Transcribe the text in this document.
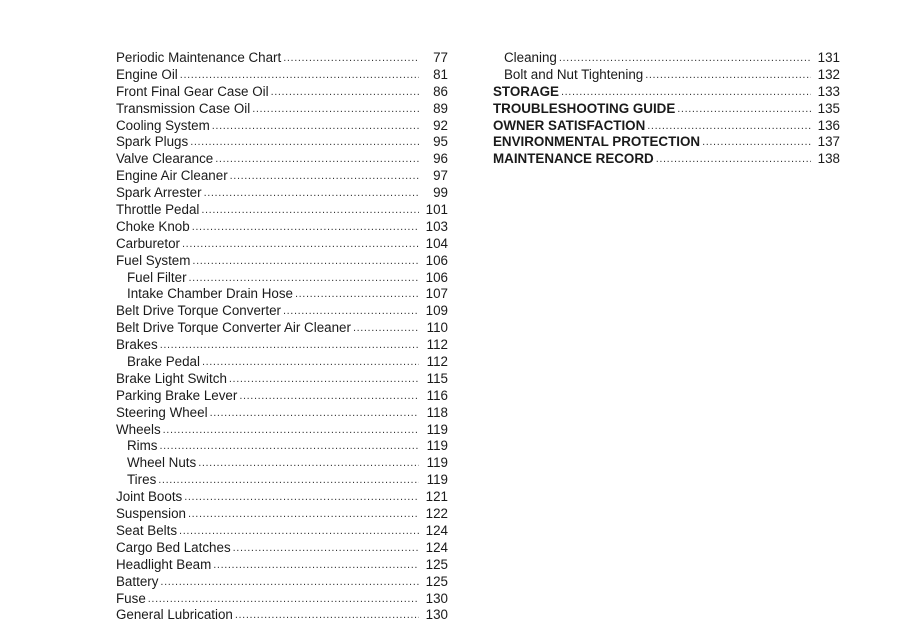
Periodic Maintenance Chart .....	77
Engine Oil .....	81
Front Final Gear Case Oil .....	86
Transmission Case Oil .....	89
Cooling System .....	92
Spark Plugs .....	95
Valve Clearance .....	96
Engine Air Cleaner .....	97
Spark Arrester .....	99
Throttle Pedal .....	101
Choke Knob .....	103
Carburetor .....	104
Fuel System .....	106
Fuel Filter .....	106
Intake Chamber Drain Hose .....	107
Belt Drive Torque Converter .....	109
Belt Drive Torque Converter Air Cleaner .....	110
Brakes .....	112
Brake Pedal .....	112
Brake Light Switch .....	115
Parking Brake Lever .....	116
Steering Wheel .....	118
Wheels .....	119
Rims .....	119
Wheel Nuts .....	119
Tires .....	119
Joint Boots .....	121
Suspension .....	122
Seat Belts .....	124
Cargo Bed Latches .....	124
Headlight Beam .....	125
Battery .....	125
Fuse .....	130
General Lubrication .....	130
Cleaning .....	131
Bolt and Nut Tightening .....	132
STORAGE .....	133
TROUBLESHOOTING GUIDE .....	135
OWNER SATISFACTION .....	136
ENVIRONMENTAL PROTECTION .....	137
MAINTENANCE RECORD .....	138
